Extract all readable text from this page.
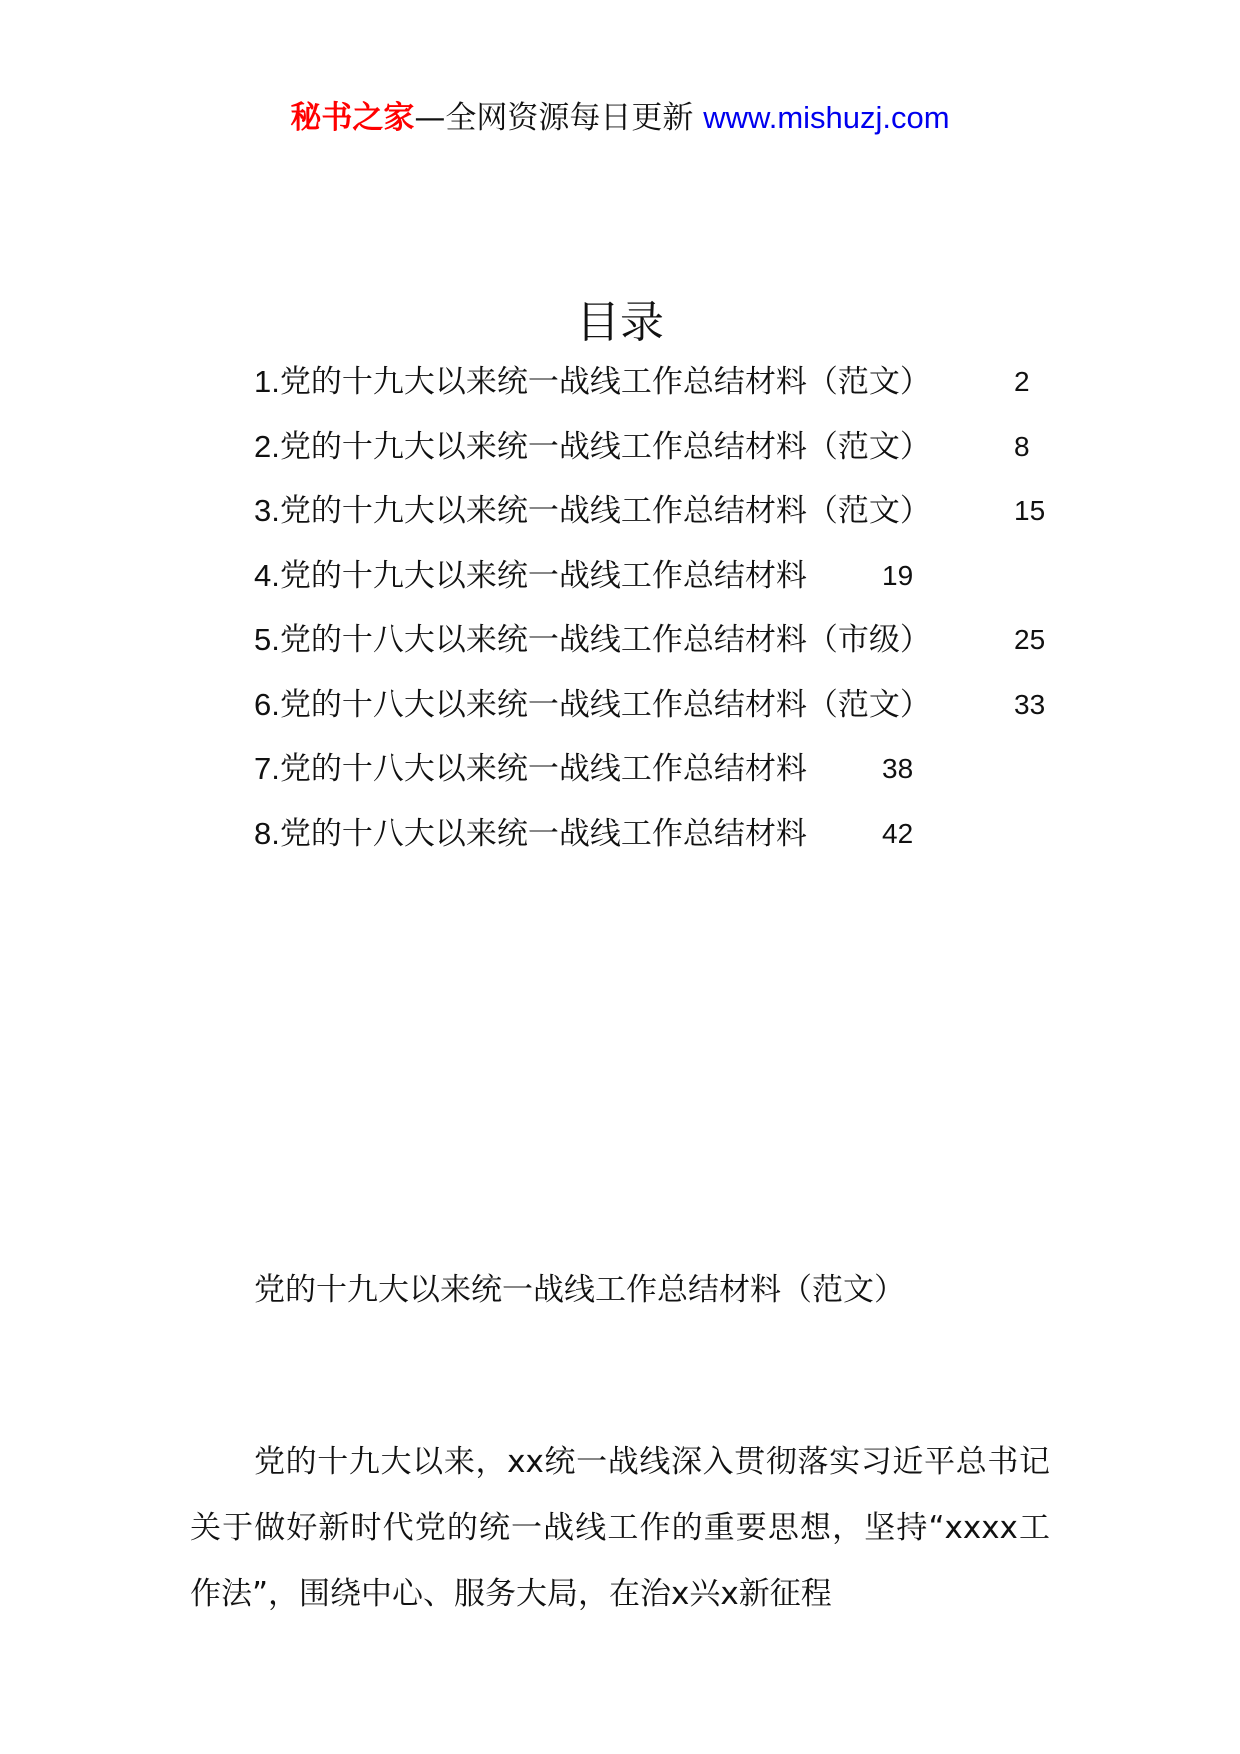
秘书之家—全网资源每日更新 www.mishuzj.com
目录
1.党的十九大以来统一战线工作总结材料（范文）	2
2.党的十九大以来统一战线工作总结材料（范文）	8
3.党的十九大以来统一战线工作总结材料（范文）	15
4.党的十九大以来统一战线工作总结材料	19
5.党的十八大以来统一战线工作总结材料（市级）	25
6.党的十八大以来统一战线工作总结材料（范文）	33
7.党的十八大以来统一战线工作总结材料	38
8.党的十八大以来统一战线工作总结材料	42
党的十九大以来统一战线工作总结材料（范文）

党的十九大以来，xx统一战线深入贯彻落实习近平总书记关于做好新时代党的统一战线工作的重要思想，坚持“xxxx工作法”，围绕中心、服务大局，在治x兴x新征程
